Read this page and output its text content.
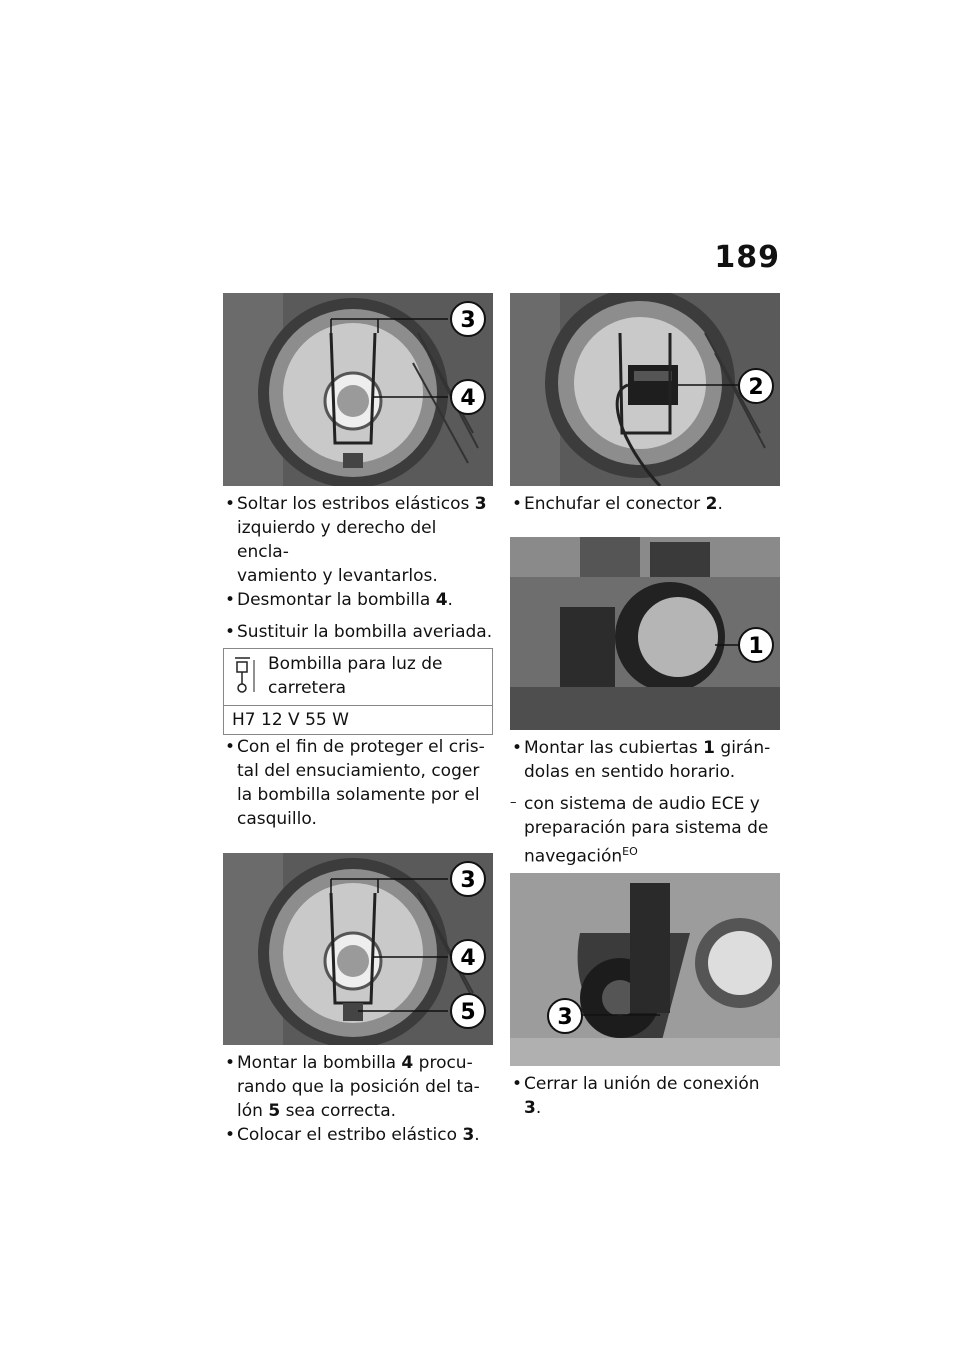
189
3
4
• Soltar los estribos elásticos 3
izquierdo y derecho del encla-
vamiento y levantarlos.
• Desmontar la bombilla 4.
• Sustituir la bombilla averiada.
Bombilla para luz de
carretera
H7 12 V 55 W
• Con el fin de proteger el cris-
tal del ensuciamiento, coger
la bombilla solamente por el
casquillo.
3
4
5
• Montar la bombilla 4 procu-
rando que la posición del ta-
lón 5 sea correcta.
• Colocar el estribo elástico 3.
2
• Enchufar el conector 2.
1
• Montar las cubiertas 1 girán-
dolas en sentido horario.
– con sistema de audio ECE y
preparación para sistema de
navegación$^{EO}$
3
• Cerrar la unión de conexión 3.
